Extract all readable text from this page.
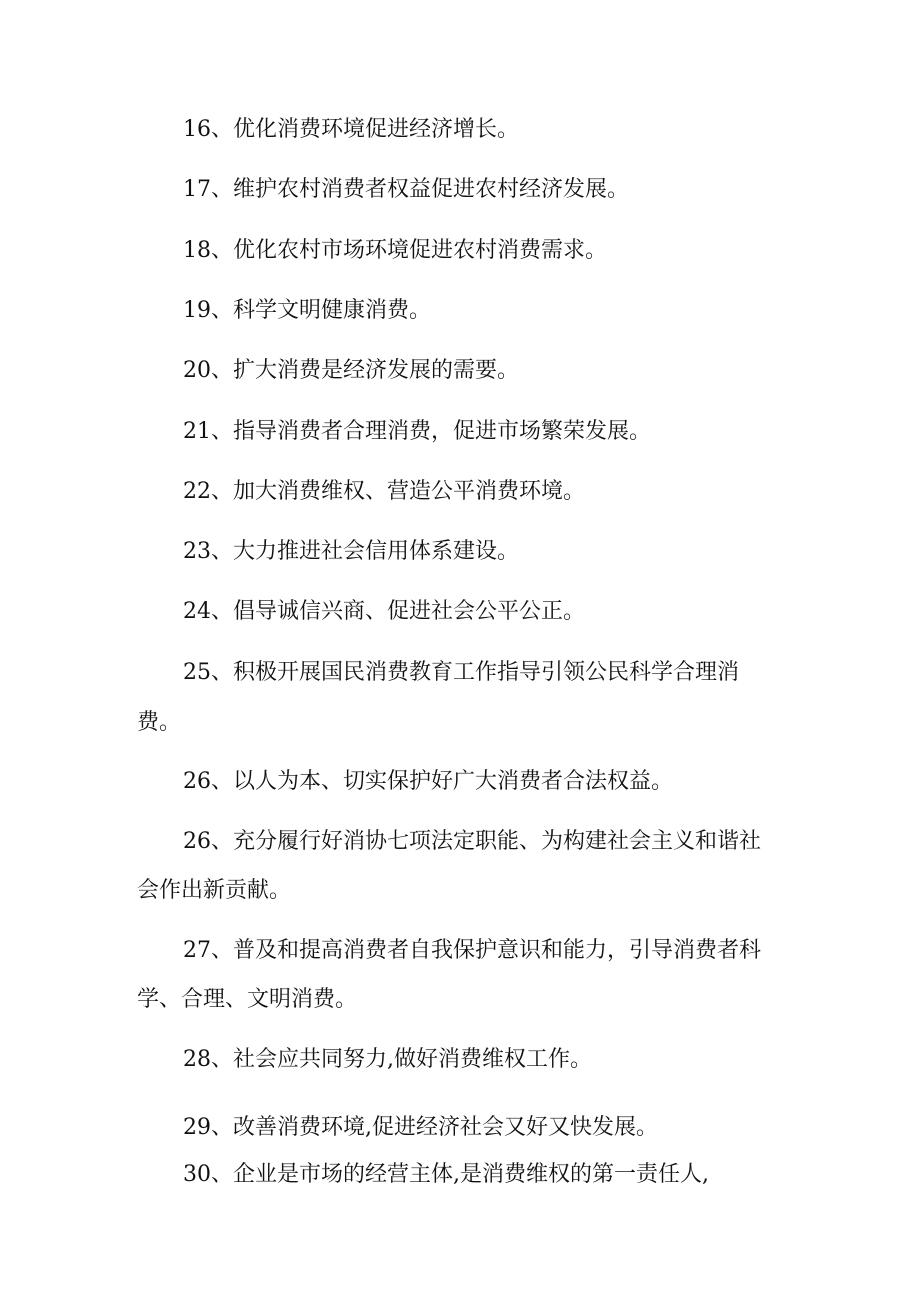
16、优化消费环境促进经济增长。
17、维护农村消费者权益促进农村经济发展。
18、优化农村市场环境促进农村消费需求。
19、科学文明健康消费。
20、扩大消费是经济发展的需要。
21、指导消费者合理消费，促进市场繁荣发展。
22、加大消费维权、营造公平消费环境。
23、大力推进社会信用体系建设。
24、倡导诚信兴商、促进社会公平公正。
25、积极开展国民消费教育工作指导引领公民科学合理消
费。
26、以人为本、切实保护好广大消费者合法权益。
26、充分履行好消协七项法定职能、为构建社会主义和谐社
会作出新贡献。
27、普及和提高消费者自我保护意识和能力，引导消费者科
学、合理、文明消费。
28、社会应共同努力,做好消费维权工作。
29、改善消费环境,促进经济社会又好又快发展。
30、企业是市场的经营主体,是消费维权的第一责任人,
